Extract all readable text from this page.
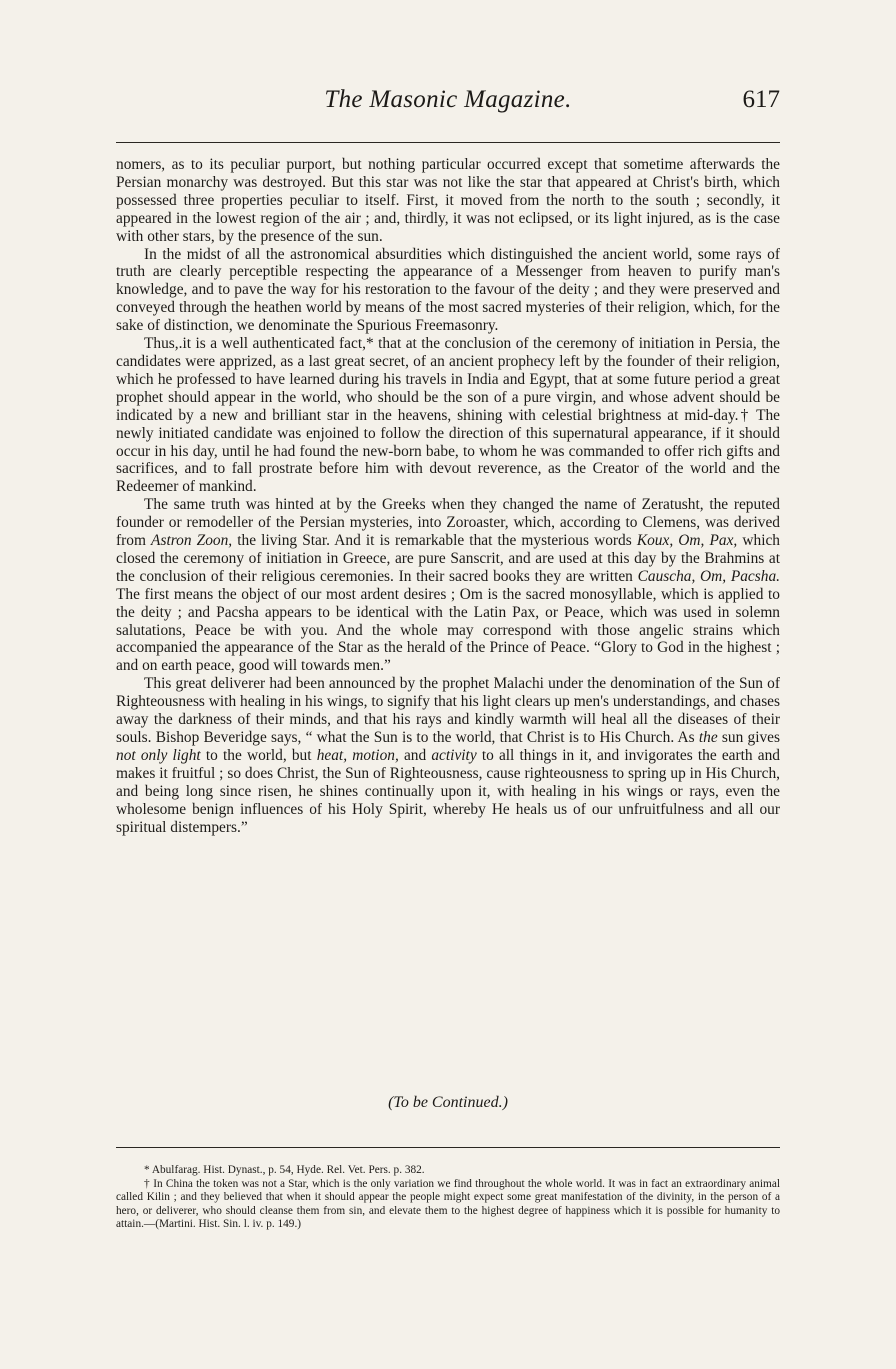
The Masonic Magazine.	617

nomers, as to its peculiar purport, but nothing particular occurred except that sometime afterwards the Persian monarchy was destroyed. But this star was not like the star that appeared at Christ's birth, which possessed three properties peculiar to itself. First, it moved from the north to the south ; secondly, it appeared in the lowest region of the air ; and, thirdly, it was not eclipsed, or its light injured, as is the case with other stars, by the presence of the sun.

In the midst of all the astronomical absurdities which distinguished the ancient world, some rays of truth are clearly perceptible respecting the appearance of a Messenger from heaven to purify man's knowledge, and to pave the way for his restoration to the favour of the deity ; and they were preserved and conveyed through the heathen world by means of the most sacred mysteries of their religion, which, for the sake of distinction, we denominate the Spurious Freemasonry.

Thus,.it is a well authenticated fact,* that at the conclusion of the ceremony of initiation in Persia, the candidates were apprized, as a last great secret, of an ancient prophecy left by the founder of their religion, which he professed to have learned during his travels in India and Egypt, that at some future period a great prophet should appear in the world, who should be the son of a pure virgin, and whose advent should be indicated by a new and brilliant star in the heavens, shining with celestial brightness at mid-day.† The newly initiated candidate was enjoined to follow the direction of this supernatural appearance, if it should occur in his day, until he had found the new-born babe, to whom he was commanded to offer rich gifts and sacrifices, and to fall prostrate before him with devout reverence, as the Creator of the world and the Redeemer of mankind.

The same truth was hinted at by the Greeks when they changed the name of Zeratusht, the reputed founder or remodeller of the Persian mysteries, into Zoroaster, which, according to Clemens, was derived from Astron Zoon, the living Star. And it is remarkable that the mysterious words Koux, Om, Pax, which closed the ceremony of initiation in Greece, are pure Sanscrit, and are used at this day by the Brahmins at the conclusion of their religious ceremonies. In their sacred books they are written Causcha, Om, Pacsha. The first means the object of our most ardent desires ; Om is the sacred monosyllable, which is applied to the deity ; and Pacsha appears to be identical with the Latin Pax, or Peace, which was used in solemn salutations, Peace be with you. And the whole may correspond with those angelic strains which accompanied the appearance of the Star as the herald of the Prince of Peace. “Glory to God in the highest ; and on earth peace, good will towards men.”

This great deliverer had been announced by the prophet Malachi under the denomination of the Sun of Righteousness with healing in his wings, to signify that his light clears up men's understandings, and chases away the darkness of their minds, and that his rays and kindly warmth will heal all the diseases of their souls. Bishop Beveridge says, “ what the Sun is to the world, that Christ is to His Church. As the sun gives not only light to the world, but heat, motion, and activity to all things in it, and invigorates the earth and makes it fruitful ; so does Christ, the Sun of Righteousness, cause righteousness to spring up in His Church, and being long since risen, he shines continually upon it, with healing in his wings or rays, even the wholesome benign influences of his Holy Spirit, whereby He heals us of our unfruitfulness and all our spiritual distempers.”

(To be Continued.)

* Abulfarag. Hist. Dynast., p. 54, Hyde. Rel. Vet. Pers. p. 382.

† In China the token was not a Star, which is the only variation we find throughout the whole world. It was in fact an extraordinary animal called Kilin ; and they believed that when it should appear the people might expect some great manifestation of the divinity, in the person of a hero, or deliverer, who should cleanse them from sin, and elevate them to the highest degree of happiness which it is possible for humanity to attain.—(Martini. Hist. Sin. l. iv. p. 149.)
